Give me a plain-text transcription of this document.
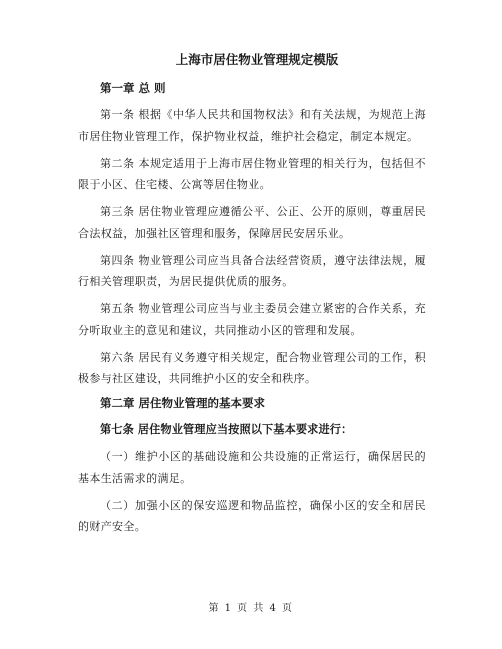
上海市居住物业管理规定模版
第一章 总 则

第一条 根据《中华人民共和国物权法》和有关法规，为规范上海市居住物业管理工作，保护物业权益，维护社会稳定，制定本规定。

第二条 本规定适用于上海市居住物业管理的相关行为，包括但不限于小区、住宅楼、公寓等居住物业。

第三条 居住物业管理应遵循公平、公正、公开的原则，尊重居民合法权益，加强社区管理和服务，保障居民安居乐业。

第四条 物业管理公司应当具备合法经营资质，遵守法律法规，履行相关管理职责，为居民提供优质的服务。

第五条 物业管理公司应当与业主委员会建立紧密的合作关系，充分听取业主的意见和建议，共同推动小区的管理和发展。

第六条 居民有义务遵守相关规定，配合物业管理公司的工作，积极参与社区建设，共同维护小区的安全和秩序。

第二章 居住物业管理的基本要求

第七条 居住物业管理应当按照以下基本要求进行：

（一）维护小区的基础设施和公共设施的正常运行，确保居民的基本生活需求的满足。

（二）加强小区的保安巡逻和物品监控，确保小区的安全和居民的财产安全。

第 1 页 共 4 页
